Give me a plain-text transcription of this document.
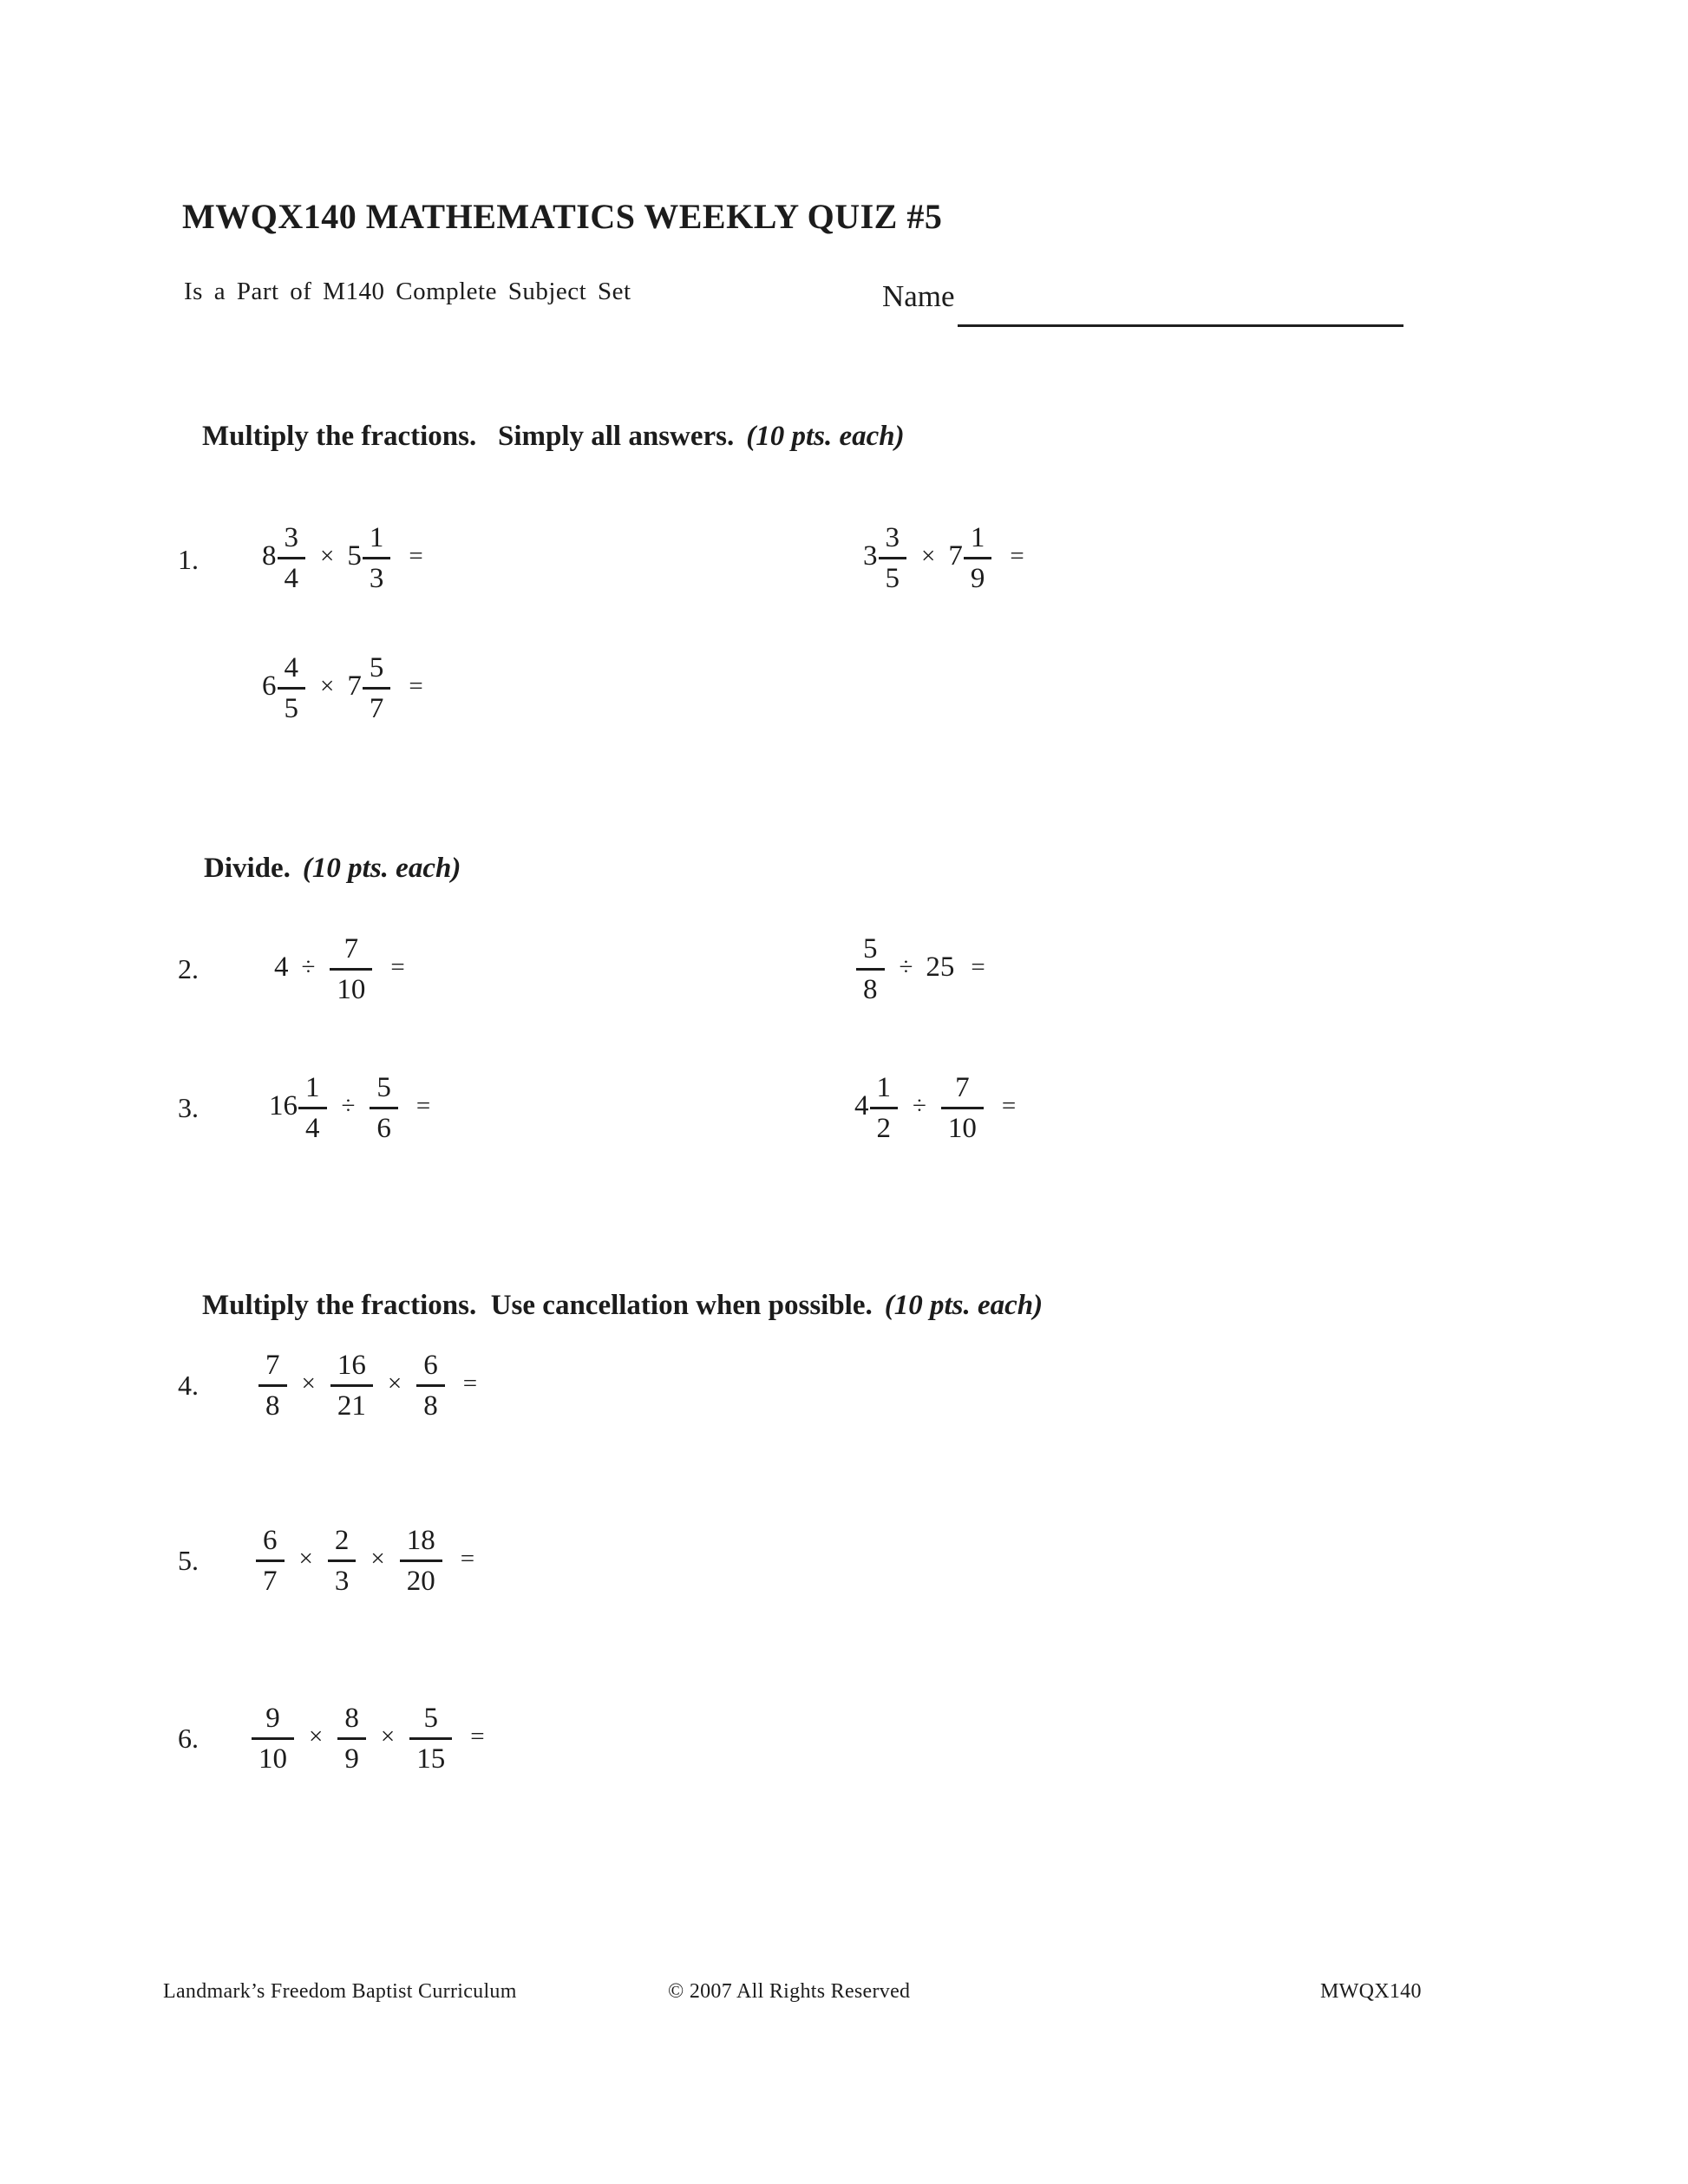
MWQX140 MATHEMATICS WEEKLY QUIZ #5
Is a Part of M140 Complete Subject Set	Name

Multiply the fractions.   Simply all answers. (10 pts. each)

1. $8 \frac{3}{4} \times 5 \frac{1}{3}$ =	$3 \frac{3}{5} \times 7 \frac{1}{9}$ =
$6 \frac{4}{5} \times 7 \frac{5}{7}$ =

Divide. (10 pts. each)

2.	$4 \div \frac{7}{10}$ =	$\frac{5}{8} \div 25$ =
3. $16 \frac{1}{4} \div \frac{5}{6}$ =	$4 \frac{1}{2} \div \frac{7}{10}$ =

Multiply the fractions.  Use cancellation when possible. (10 pts. each)

4. $\frac{7}{8} \times \frac{16}{21} \times \frac{6}{8}$ =
5. $\frac{6}{7} \times \frac{2}{3} \times \frac{18}{20}$ =
6. $\frac{9}{10} \times \frac{8}{9} \times \frac{5}{15}$ =
Landmark’s Freedom Baptist Curriculum	© 2007 All Rights Reserved	MWQX140
